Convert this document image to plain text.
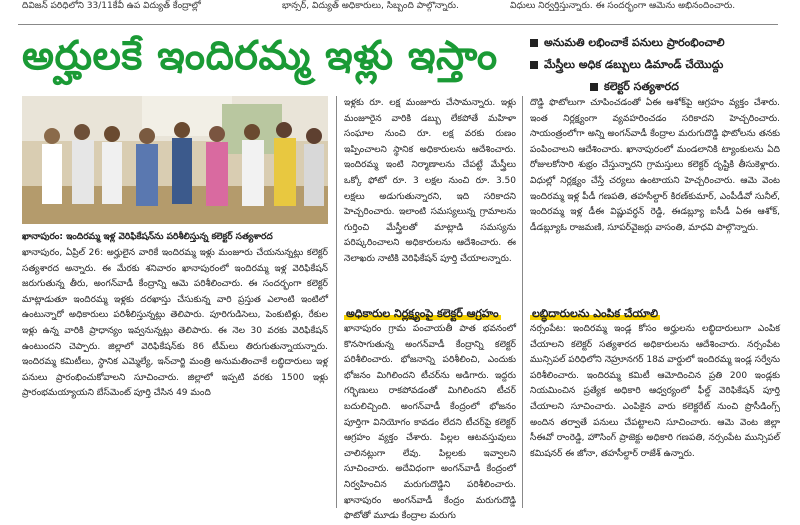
దివిజన్ పరిధిలోని 33/11కేవీ ఉప విద్యుత్ కేంద్రాల్లో	భాన్సర్, విద్యుత్ అధికారులు, సిబ్బంది పాల్గొన్నారు.	విధులు నిర్వర్తిస్తున్నారు. ఈ సందర్భంగా ఆమెను అభినందించారు.
అర్హులకే ఇందిరమ్మ ఇళ్లు ఇస్తాం	అనుమతి లభించాకే పనులు ప్రారంభించాలి
మేస్త్రీలు అధిక డబ్బులు డిమాండ్ చేయొద్దు
కలెక్టర్ సత్యశారద
ఖానాపురం: ఇందిరమ్మ ఇళ్ల వెరిఫికేషన్‌ను పరిశీలిస్తున్న కలెక్టర్ సత్యశారద
ఖానాపురం, ఏప్రిల్ 26: అర్హులైన వారికే ఇందిరమ్మ ఇళ్లు మంజూరు చేయనున్నట్లు కలెక్టర్ సత్యశారద అన్నారు. ఈ మేరకు శనివారం ఖానాపురంలో ఇందిరమ్మ ఇళ్ల వెరిఫికేషన్ జరుగుతున్న తీరు, అంగన్‌వాడీ కేంద్రాన్ని ఆమె పరిశీలించారు. ఈ సందర్భంగా కలెక్టర్ మాట్లాడుతూ ఇందిరమ్మ ఇళ్లకు దరఖాస్తు చేసుకున్న వారి ప్రస్తుత ఎలాంటి ఇంటిలో ఉంటున్నారో అధికారులు పరిశీలిస్తున్నట్లు తెలిపారు. పూరిగుడిసెలు, పెంకుటిళ్లు, రేకుల ఇళ్లు ఉన్న వారికి ప్రాధాన్యం ఇవ్వనున్నట్లు తెలిపారు. ఈ నెల 30 వరకు వెరిఫికేషన్ ఉంటుందని చెప్పారు. జిల్లాలో వెరిఫికేషన్‌కు 86 టీమ్‌లు తిరుగుతున్నాయన్నారు. ఇందిరమ్మ కమిటీలు, స్థానిక ఎమ్మెల్యే, ఇన్‌చార్జి మంత్రి అనుమతించాకే లబ్ధిదారులు ఇళ్ల పనులు ప్రారంభించుకోవాలని సూచించారు. జిల్లాలో ఇప్పటి వరకు 1500 ఇళ్లు ప్రారంభమయ్యాయని బేస్‌మెంట్ పూర్తి చేసిన 49 మంది
ఇళ్లకు రూ. లక్ష మంజూరు చేసామన్నారు. ఇళ్లు మంజూరైన వారికి డబ్బు లేకపోతే మహిళా సంఘాల నుంచి రూ. లక్ష వరకు రుణం ఇప్పించాలని స్థానిక అధికారులను ఆదేశించారు. ఇందిరమ్మ ఇంటి నిర్మాణాలను చేపట్టే మేస్త్రీలు ఒక్కో ఫోటో రూ. 3 లక్షల నుంచి రూ. 3.50 లక్షలు అడుగుతున్నారని, ఇది సరికాదని హెచ్చరించారు. ఇలాంటి సమస్యలున్న గ్రామాలను గుర్తించి మేస్త్రీలతో మాట్లాడి సమస్యను పరిష్కరించాలని అధికారులను ఆదేశించారు. ఈ నెలాఖరు నాటికి వెరిఫికేషన్ పూర్తి చేయాలన్నారు.
అధికారుల నిర్లక్ష్యంపై కలెక్టర్ ఆగ్రహం
ఖానాపురం గ్రామ పంచాయతీ పాత భవనంలో కొనసాగుతున్న అంగన్‌వాడీ కేంద్రాన్ని కలెక్టర్ పరిశీలించారు. భోజనాన్ని పరిశీలించి, ఎందుకు భోజనం మిగిలిందని టీచర్‌ను అడిగారు. ఇద్దరు గర్భిణులు రాకపోవడంతో మిగిలిందని టీచర్ బదులిచ్చింది. అంగన్‌వాడీ కేంద్రంలో భోజనం పూర్తిగా వినియోగం కావడం లేదని టీచర్‌పై కలెక్టర్ ఆగ్రహం వ్యక్తం చేశారు. పిల్లల ఆటవస్తువులు చాలినట్లుగా లేవు. పిల్లలకు ఇవ్వాలని సూచించారు. అదేవిధంగా అంగన్‌వాడీ కేంద్రంలో నిర్వహించిన మరుగుదొడ్డిని పరిశీలించారు. ఖానాపురం అంగన్‌వాడీ కేంద్రం మరుగుదొడ్డి ఫొటోతో మూడు కేంద్రాల మరుగు
దొడ్డి ఫొటోలుగా చూపించడంతో ఏఈ ఆశోక్‌పై ఆగ్రహం వ్యక్తం చేశారు. ఇంత నిర్లక్ష్యంగా వ్యవహరించడం సరికాదని హెచ్చరించారు. సాయంత్రంలోగా అన్ని అంగన్‌వాడీ కేంద్రాల మరుగుదొడ్డి ఫొటోలను తనకు పంపించాలని ఆదేశించారు. ఖానాపురంలో మండలానికి ట్యాంకులను ఏది రోజులకోసారి శుభ్రం చేస్తున్నారని గ్రామస్తులు కలెక్టర్ దృష్టికి తీసుకెళ్లారు. విధుల్లో నిర్లక్ష్యం చేస్తే చర్యలు ఉంటాయని హెచ్చరించారు. ఆమె వెంట ఇందిరమ్మ ఇళ్ల పీడీ గణపతి, తహసీల్దార్ కిరణ్‌కుమార్, ఎంపీడీవో సునీల్, ఇందిరమ్మ ఇళ్ల డీఈ విష్ణువర్ధన్ రెడ్డి, ఈడబ్ల్యూ ఐసీడీ ఏఈ ఆశోక్, డీడబ్ల్యూఓ రాజమణి, సూపర్‌వైజర్లు వాసంతి, మాధవి పాల్గొన్నారు.
లబ్ధిదారులను ఎంపిక చేయాలి
నర్సంపేట: ఇందిరమ్మ ఇండ్ల కోసం అర్హులను లబ్ధిదారులుగా ఎంపిక చేయాలని కలెక్టర్ సత్యశారద అధికారులను ఆదేశించారు. నర్సంపేట మున్సిపల్ పరిధిలోని నెహ్రూనగర్ 18వ వార్డులో ఇందిరమ్మ ఇండ్ల సర్వేను పరిశీలించారు. ఇందిరమ్మ కమిటీ ఆమోదించిన ప్రతి 200 ఇండ్లకు నియమించిన ప్రత్యేక అధికారి ఆధ్వర్యంలో ఫీల్డ్ వెరిఫికేషన్ పూర్తి చేయాలని సూచించారు. ఎంపికైన వారు కలెక్టరేట్ నుంచి ప్రొసీడింగ్స్ అందిన తర్వాతే పనులు చేపట్టాలని సూచించారు. ఆమె వెంట జిల్లా సీఈవో రాంరెడ్డి, హౌసింగ్ ప్రాజెక్టు అధికారి గణపతి, నర్సంపేట మున్సిపల్ కమిషనర్ ఈ జోనా, తహసీల్దార్ రాజేశ్ ఉన్నారు.
